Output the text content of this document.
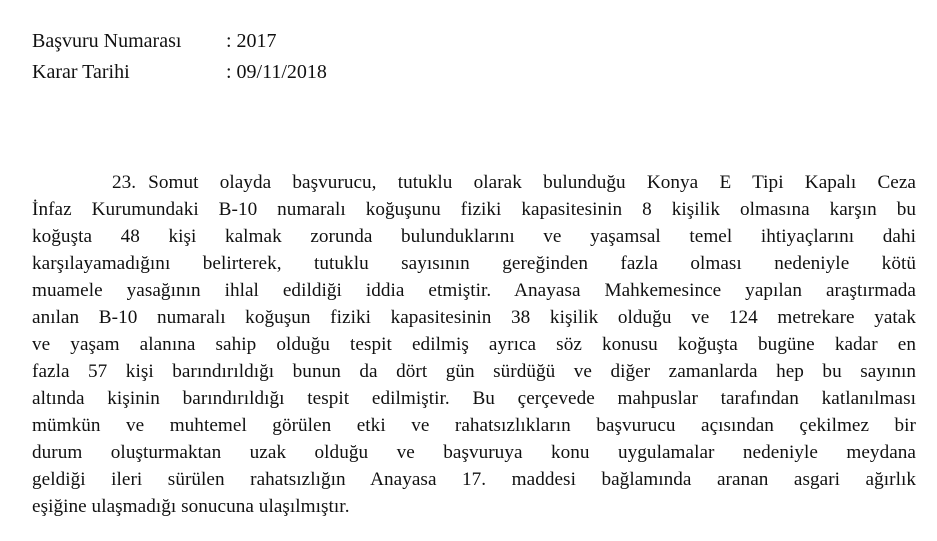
Başvuru Numarası	: 2017
Karar Tarihi	: 09/11/2018
23. Somut olayda başvurucu, tutuklu olarak bulunduğu Konya E Tipi Kapalı Ceza
İnfaz Kurumundaki B-10 numaralı koğuşunu fiziki kapasitesinin 8 kişilik olmasına karşın bu
koğuşta 48 kişi kalmak zorunda bulunduklarını ve yaşamsal temel ihtiyaçlarını dahi
karşılayamadığını belirterek, tutuklu sayısının gereğinden fazla olması nedeniyle kötü
muamele yasağının ihlal edildiği iddia etmiştir. Anayasa Mahkemesince yapılan araştırmada
anılan B-10 numaralı koğuşun fiziki kapasitesinin 38 kişilik olduğu ve 124 metrekare yatak
ve yaşam alanına sahip olduğu tespit edilmiş ayrıca söz konusu koğuşta bugüne kadar en
fazla 57 kişi barındırıldığı bunun da dört gün sürdüğü ve diğer zamanlarda hep bu sayının
altında kişinin barındırıldığı tespit edilmiştir. Bu çerçevede mahpuslar tarafından katlanılması
mümkün ve muhtemel görülen etki ve rahatsızlıkların başvurucu açısından çekilmez bir
durum oluşturmaktan uzak olduğu ve başvuruya konu uygulamalar nedeniyle meydana
geldiği ileri sürülen rahatsızlığın Anayasa 17. maddesi bağlamında aranan asgari ağırlık
eşiğine ulaşmadığı sonucuna ulaşılmıştır.
